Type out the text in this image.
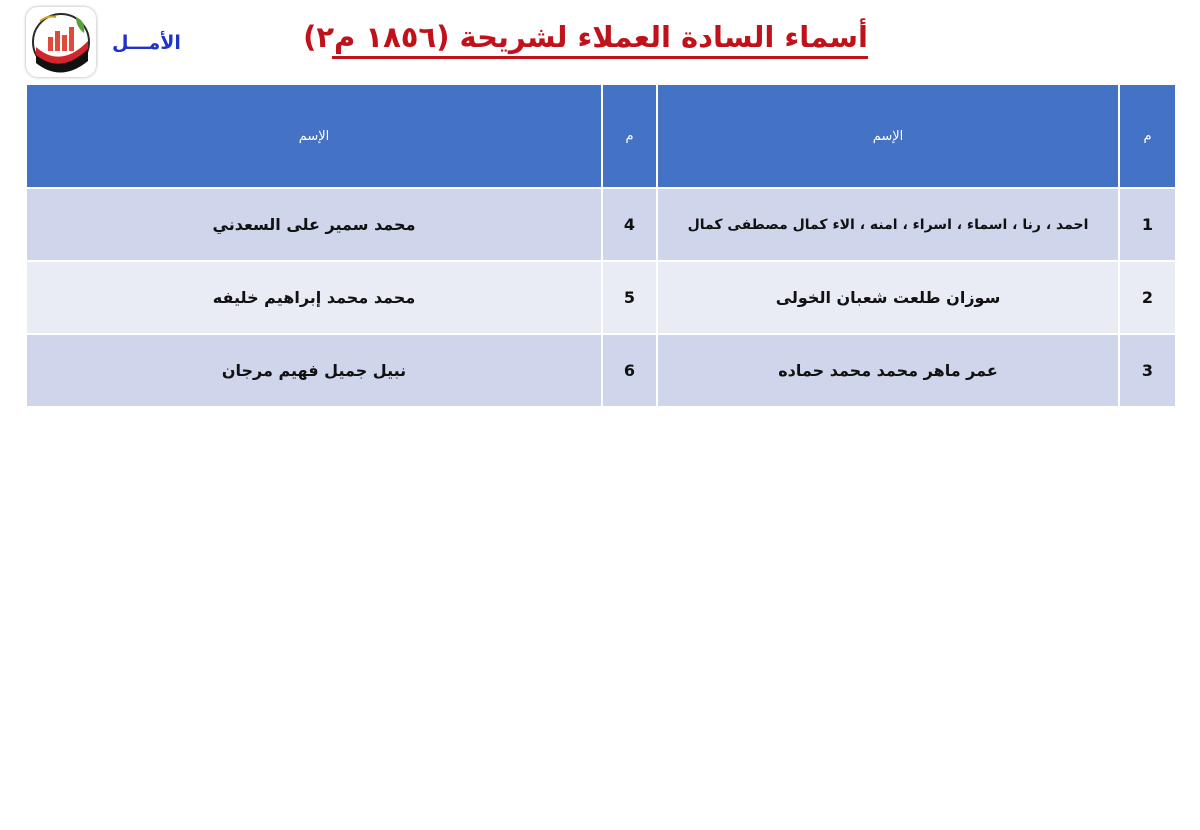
الأمـــل	أسماء السادة العملاء لشريحة (١٨٥٦ م٢)
الإسم	م	الإسم	م
محمد سمير على السعدني	4	احمد ، رنا ، اسماء ، اسراء ، امنه ، الاء كمال مصطفى كمال	1
محمد محمد إبراهيم خليفه	5	سوزان طلعت شعبان الخولى	2
نبيل جميل فهيم مرجان	6	عمر ماهر محمد محمد حماده	3
